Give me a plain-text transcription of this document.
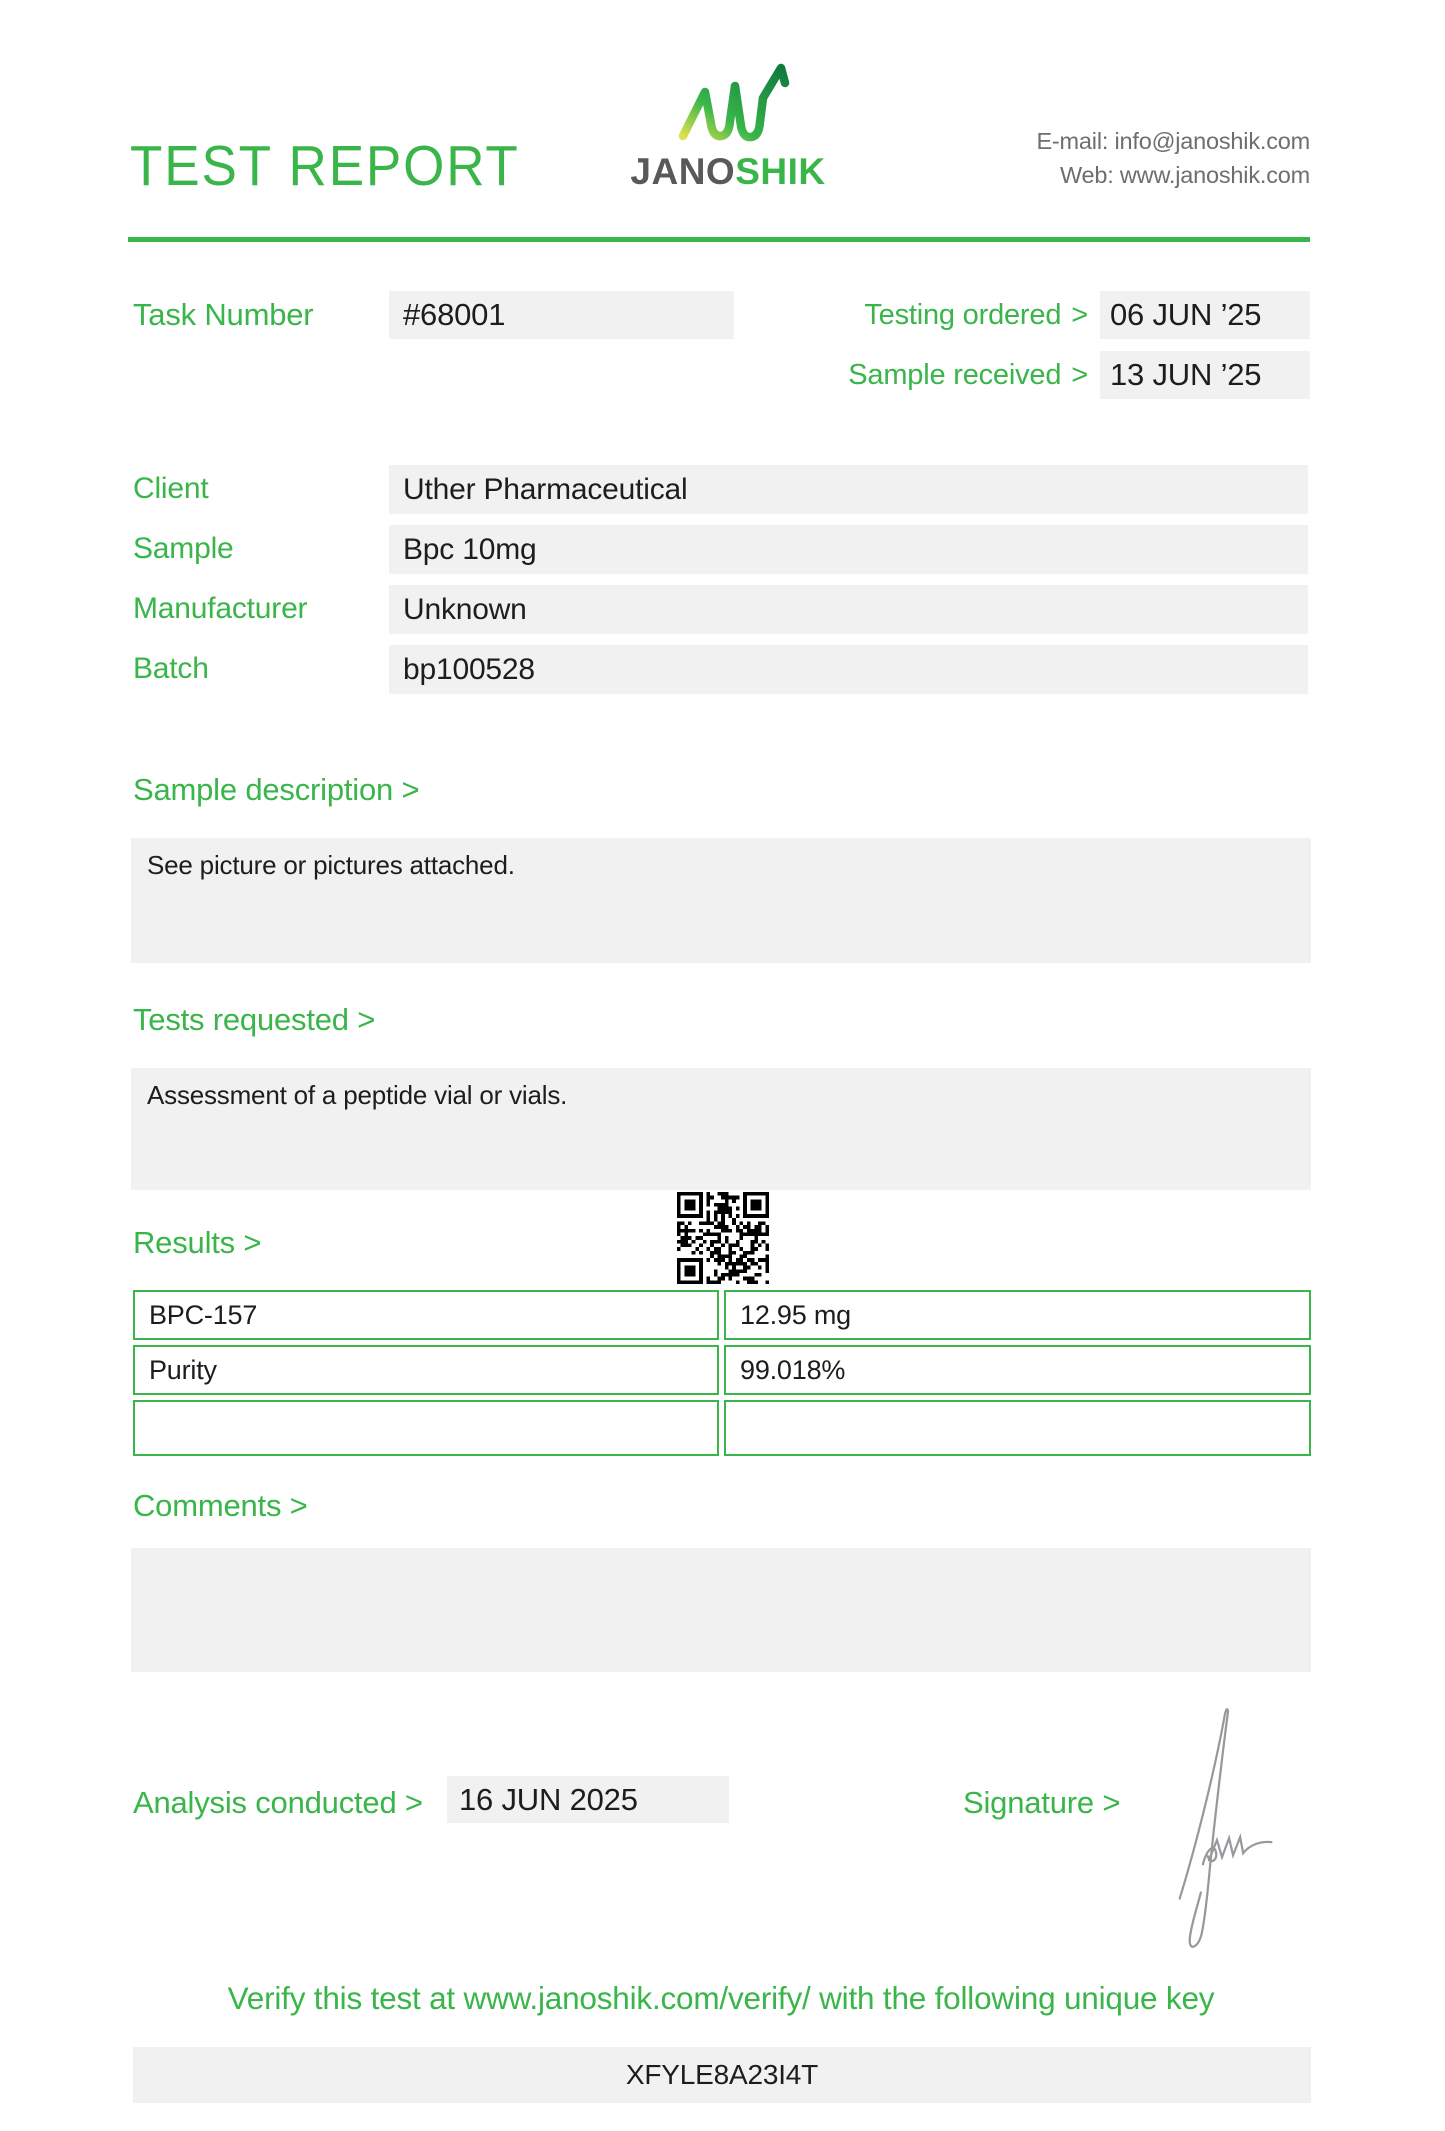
TEST REPORT	JANOSHIK
E-mail: info@janoshik.com
Web: www.janoshik.com
Task Number	#68001	Testing ordered > 06 JUN ’25
Sample received > 13 JUN ’25
Client	Uther Pharmaceutical
Sample	Bpc 10mg
Manufacturer	Unknown
Batch	bp100528
Sample description >
See picture or pictures attached.
Tests requested >
Assessment of a peptide vial or vials.
Results >
BPC-157	12.95 mg
Purity	99.018%
Comments >
Analysis conducted >	16 JUN 2025	Signature >
Verify this test at www.janoshik.com/verify/ with the following unique key
XFYLE8A23I4T
